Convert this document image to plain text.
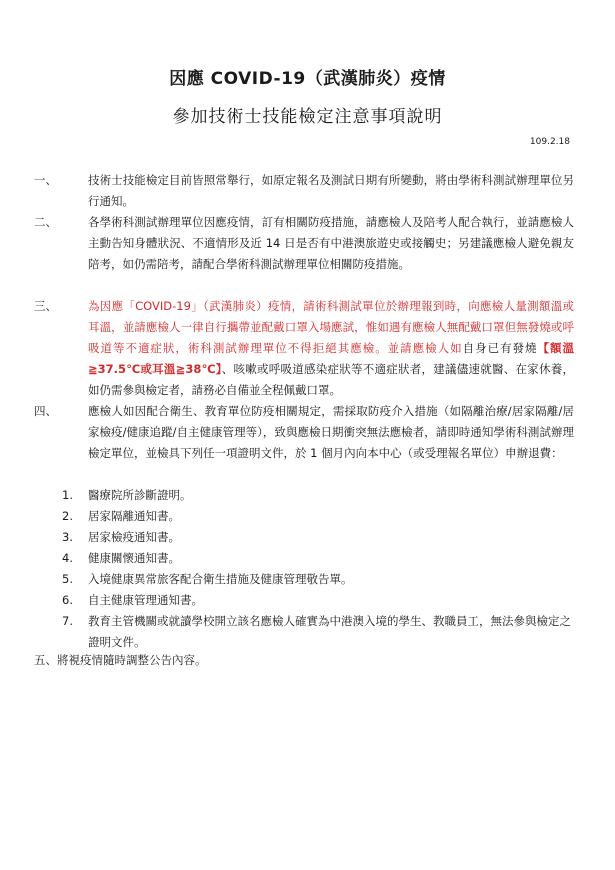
因應 COVID-19（武漢肺炎）疫情
參加技術士技能檢定注意事項說明
109.2.18
一、	技術士技能檢定目前皆照常舉行，如原定報名及測試日期有所變動，將由學術科測試辦理單位另行通知。
二、	各學術科測試辦理單位因應疫情，訂有相關防疫措施，請應檢人及陪考人配合執行，並請應檢人主動告知身體狀況、不適情形及近 14 日是否有中港澳旅遊史或接觸史；另建議應檢人避免親友陪考，如仍需陪考，請配合學術科測試辦理單位相關防疫措施。
三、	為因應「COVID-19」（武漢肺炎）疫情，請術科測試單位於辦理報到時，向應檢人量測額溫或耳溫，並請應檢人一律自行攜帶並配戴口罩入場應試，惟如遇有應檢人無配戴口罩但無發燒或呼吸道等不適症狀，術科測試辦理單位不得拒絕其應檢。並請應檢人如自身已有發燒【額溫≧37.5℃或耳溫≧38℃】、咳嗽或呼吸道感染症狀等不適症狀者，建議儘速就醫、在家休養，如仍需參與檢定者，請務必自備並全程佩戴口罩。
四、	應檢人如因配合衛生、教育單位防疫相關規定，需採取防疫介入措施（如隔離治療/居家隔離/居家檢疫/健康追蹤/自主健康管理等），致與應檢日期衝突無法應檢者，請即時通知學術科測試辦理檢定單位，並檢具下列任一項證明文件，於 1 個月內向本中心（或受理報名單位）申辦退費：
1. 醫療院所診斷證明。
2. 居家隔離通知書。
3. 居家檢疫通知書。
4. 健康關懷通知書。
5. 入境健康異常旅客配合衛生措施及健康管理敬告單。
6. 自主健康管理通知書。
7. 教育主管機關或就讀學校開立該名應檢人確實為中港澳入境的學生、教職員工，無法參與檢定之證明文件。
五、將視疫情隨時調整公告內容。
